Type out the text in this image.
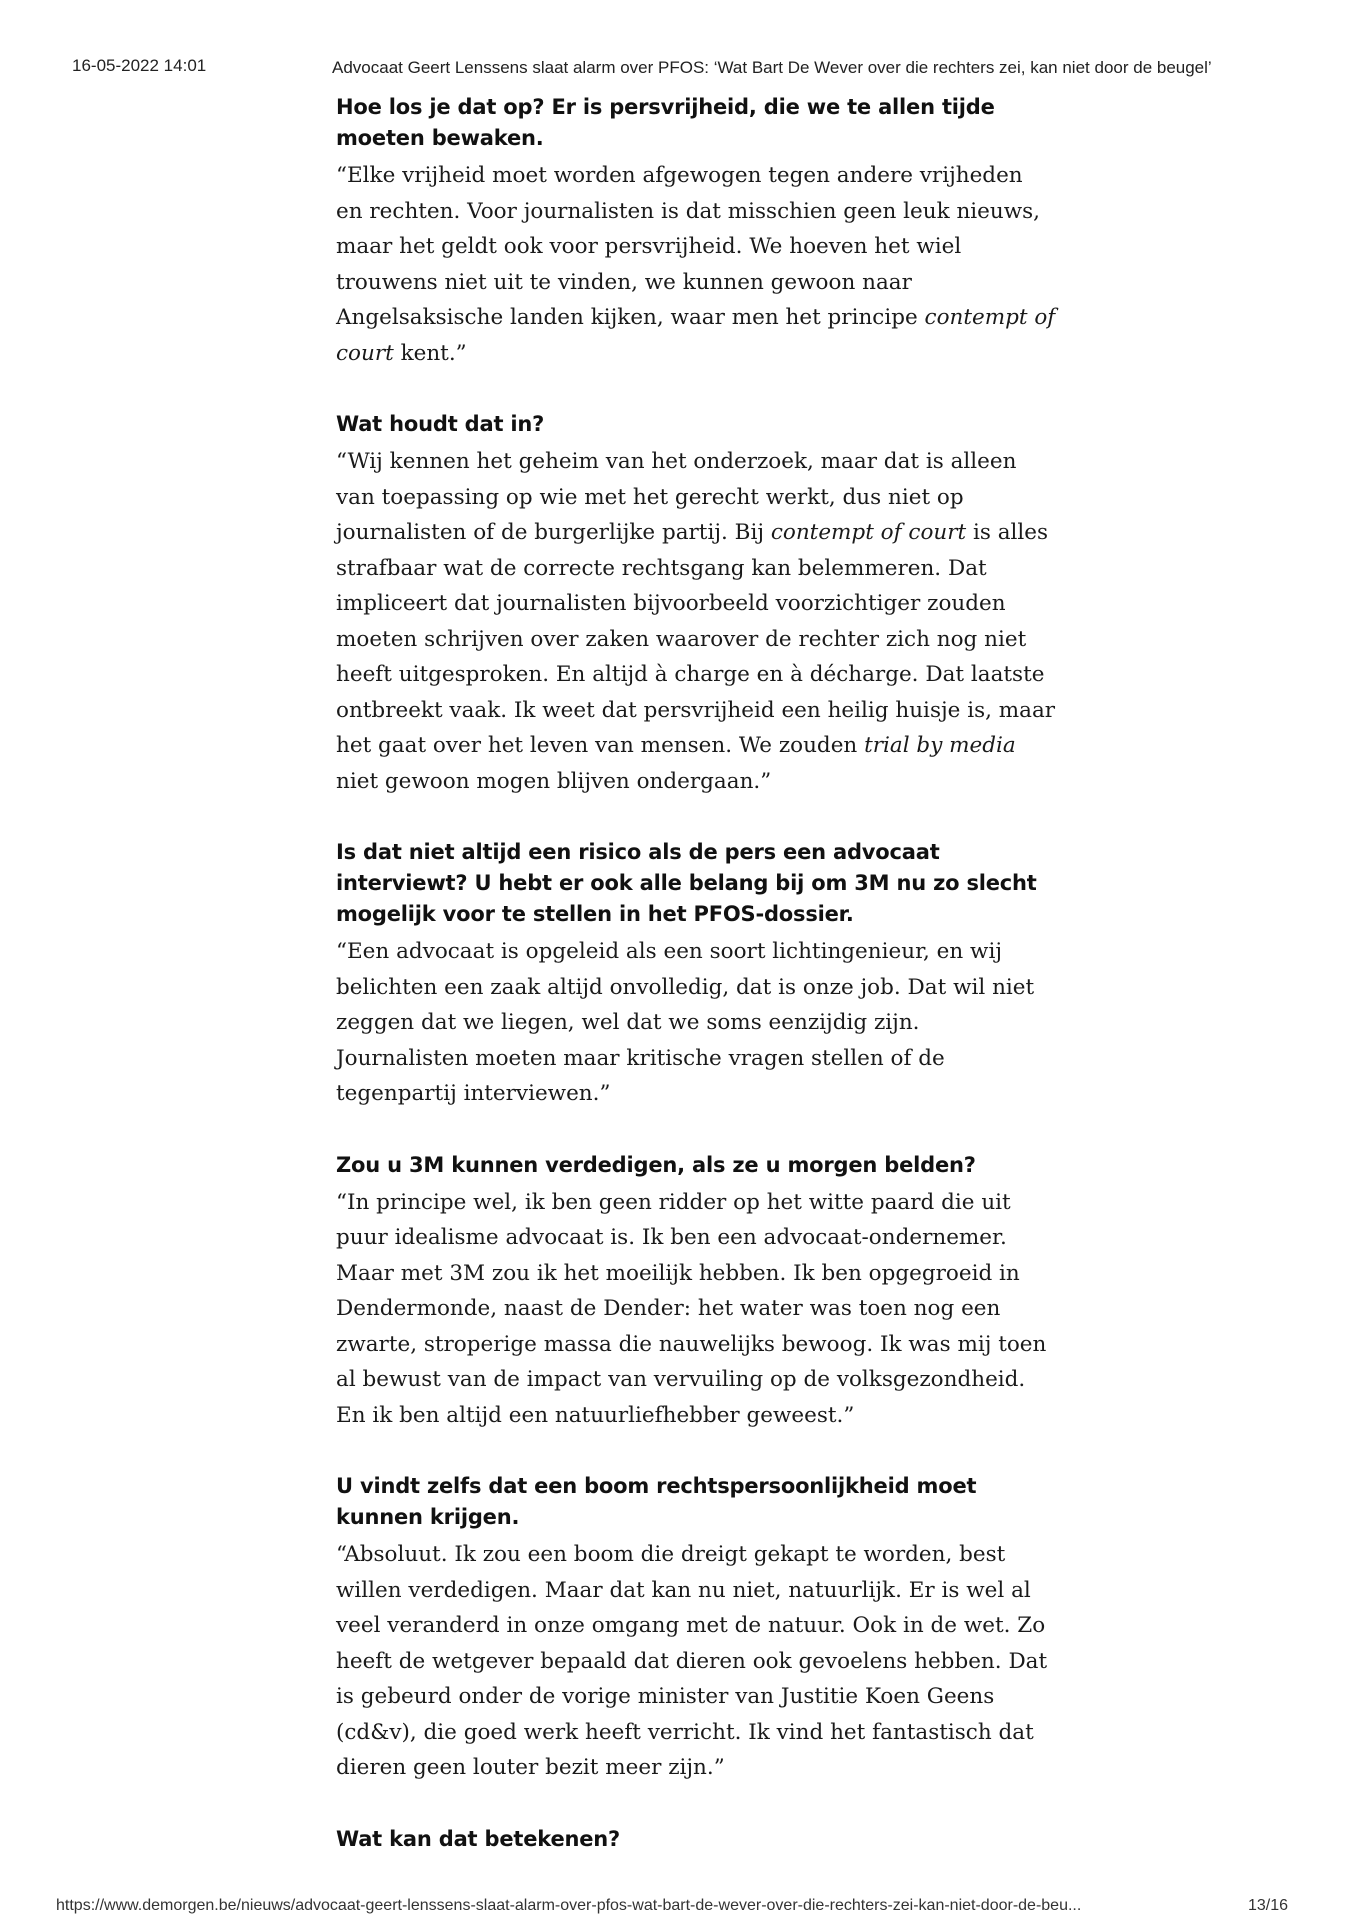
16-05-2022 14:01	Advocaat Geert Lenssens slaat alarm over PFOS: ‘Wat Bart De Wever over die rechters zei, kan niet door de beugel’

Hoe los je dat op? Er is persvrijheid, die we te allen tijde moeten bewaken.

“Elke vrijheid moet worden afgewogen tegen andere vrijheden en rechten. Voor journalisten is dat misschien geen leuk nieuws, maar het geldt ook voor persvrijheid. We hoeven het wiel trouwens niet uit te vinden, we kunnen gewoon naar Angelsaksische landen kijken, waar men het principe contempt of court kent.”

Wat houdt dat in?

“Wij kennen het geheim van het onderzoek, maar dat is alleen van toepassing op wie met het gerecht werkt, dus niet op journalisten of de burgerlijke partij. Bij contempt of court is alles strafbaar wat de correcte rechtsgang kan belemmeren. Dat impliceert dat journalisten bijvoorbeeld voorzichtiger zouden moeten schrijven over zaken waarover de rechter zich nog niet heeft uitgesproken. En altijd à charge en à décharge. Dat laatste ontbreekt vaak. Ik weet dat persvrijheid een heilig huisje is, maar het gaat over het leven van mensen. We zouden trial by media niet gewoon mogen blijven ondergaan.”

Is dat niet altijd een risico als de pers een advocaat interviewt? U hebt er ook alle belang bij om 3M nu zo slecht mogelijk voor te stellen in het PFOS-dossier.

“Een advocaat is opgeleid als een soort lichtingenieur, en wij belichten een zaak altijd onvolledig, dat is onze job. Dat wil niet zeggen dat we liegen, wel dat we soms eenzijdig zijn. Journalisten moeten maar kritische vragen stellen of de tegenpartij interviewen.”

Zou u 3M kunnen verdedigen, als ze u morgen belden?

“In principe wel, ik ben geen ridder op het witte paard die uit puur idealisme advocaat is. Ik ben een advocaat-ondernemer. Maar met 3M zou ik het moeilijk hebben. Ik ben opgegroeid in Dendermonde, naast de Dender: het water was toen nog een zwarte, stroperige massa die nauwelijks bewoog. Ik was mij toen al bewust van de impact van vervuiling op de volksgezondheid. En ik ben altijd een natuurliefhebber geweest.”

U vindt zelfs dat een boom rechtspersoonlijkheid moet kunnen krijgen.

“Absoluut. Ik zou een boom die dreigt gekapt te worden, best willen verdedigen. Maar dat kan nu niet, natuurlijk. Er is wel al veel veranderd in onze omgang met de natuur. Ook in de wet. Zo heeft de wetgever bepaald dat dieren ook gevoelens hebben. Dat is gebeurd onder de vorige minister van Justitie Koen Geens (cd&v), die goed werk heeft verricht. Ik vind het fantastisch dat dieren geen louter bezit meer zijn.”

Wat kan dat betekenen?

https://www.demorgen.be/nieuws/advocaat-geert-lenssens-slaat-alarm-over-pfos-wat-bart-de-wever-over-die-rechters-zei-kan-niet-door-de-beu...	13/16
